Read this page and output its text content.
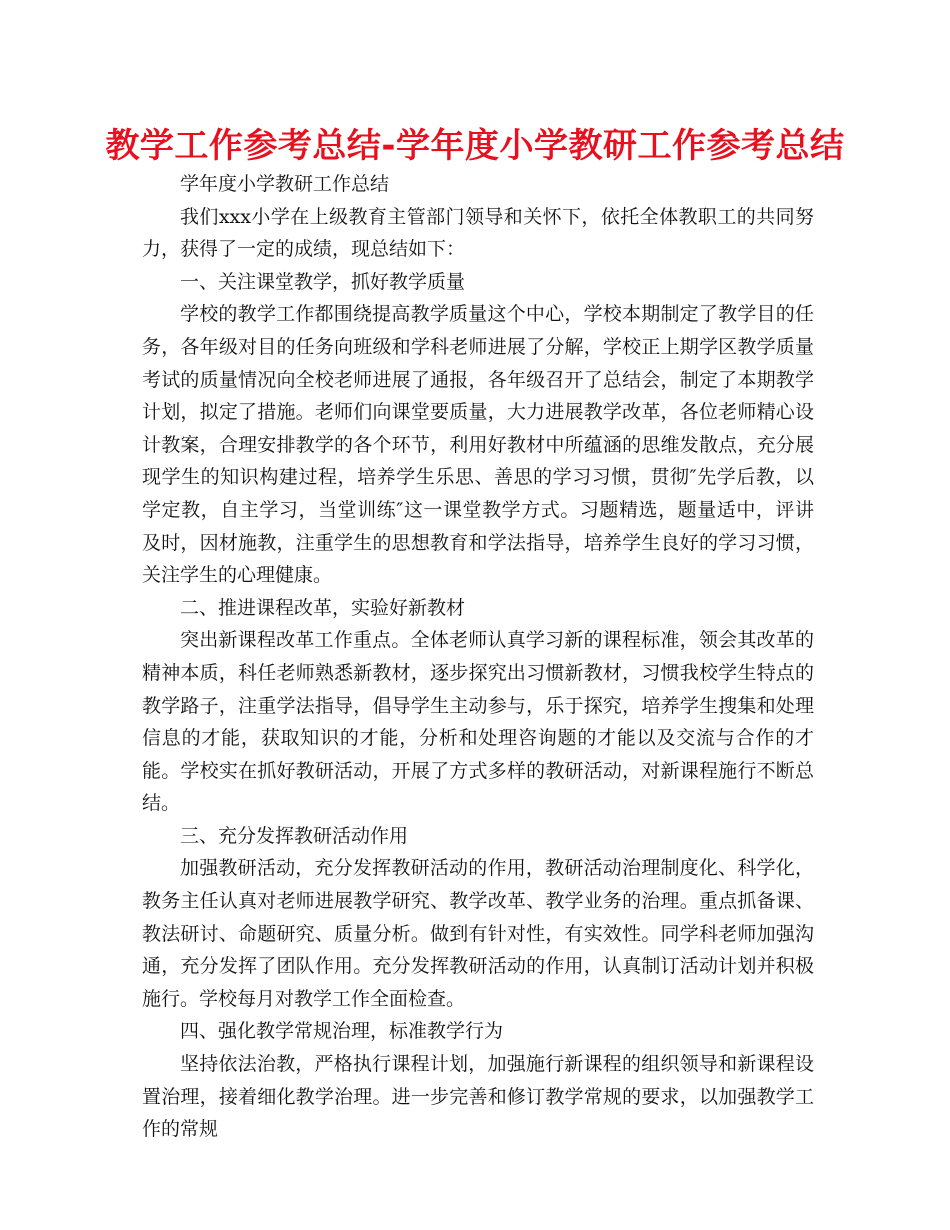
教学工作参考总结-学年度小学教研工作参考总结

学年度小学教研工作总结

我们xxx小学在上级教育主管部门领导和关怀下，依托全体教职工的共同努力，获得了一定的成绩，现总结如下：

一、关注课堂教学，抓好教学质量

学校的教学工作都围绕提高教学质量这个中心，学校本期制定了教学目的任务，各年级对目的任务向班级和学科老师进展了分解，学校正上期学区教学质量考试的质量情况向全校老师进展了通报，各年级召开了总结会，制定了本期教学计划，拟定了措施。老师们向课堂要质量，大力进展教学改革，各位老师精心设计教案，合理安排教学的各个环节，利用好教材中所蕴涵的思维发散点，充分展现学生的知识构建过程，培养学生乐思、善思的学习习惯，贯彻″先学后教，以学定教，自主学习，当堂训练″这一课堂教学方式。习题精选，题量适中，评讲及时，因材施教，注重学生的思想教育和学法指导，培养学生良好的学习习惯，关注学生的心理健康。

二、推进课程改革，实验好新教材

突出新课程改革工作重点。全体老师认真学习新的课程标准，领会其改革的精神本质，科任老师熟悉新教材，逐步探究出习惯新教材，习惯我校学生特点的教学路子，注重学法指导，倡导学生主动参与，乐于探究，培养学生搜集和处理信息的才能，获取知识的才能，分析和处理咨询题的才能以及交流与合作的才能。学校实在抓好教研活动，开展了方式多样的教研活动，对新课程施行不断总结。

三、充分发挥教研活动作用

加强教研活动，充分发挥教研活动的作用，教研活动治理制度化、科学化，教务主任认真对老师进展教学研究、教学改革、教学业务的治理。重点抓备课、教法研讨、命题研究、质量分析。做到有针对性，有实效性。同学科老师加强沟通，充分发挥了团队作用。充分发挥教研活动的作用，认真制订活动计划并积极施行。学校每月对教学工作全面检查。

四、强化教学常规治理，标准教学行为

坚持依法治教，严格执行课程计划，加强施行新课程的组织领导和新课程设置治理，接着细化教学治理。进一步完善和修订教学常规的要求，以加强教学工作的常规
